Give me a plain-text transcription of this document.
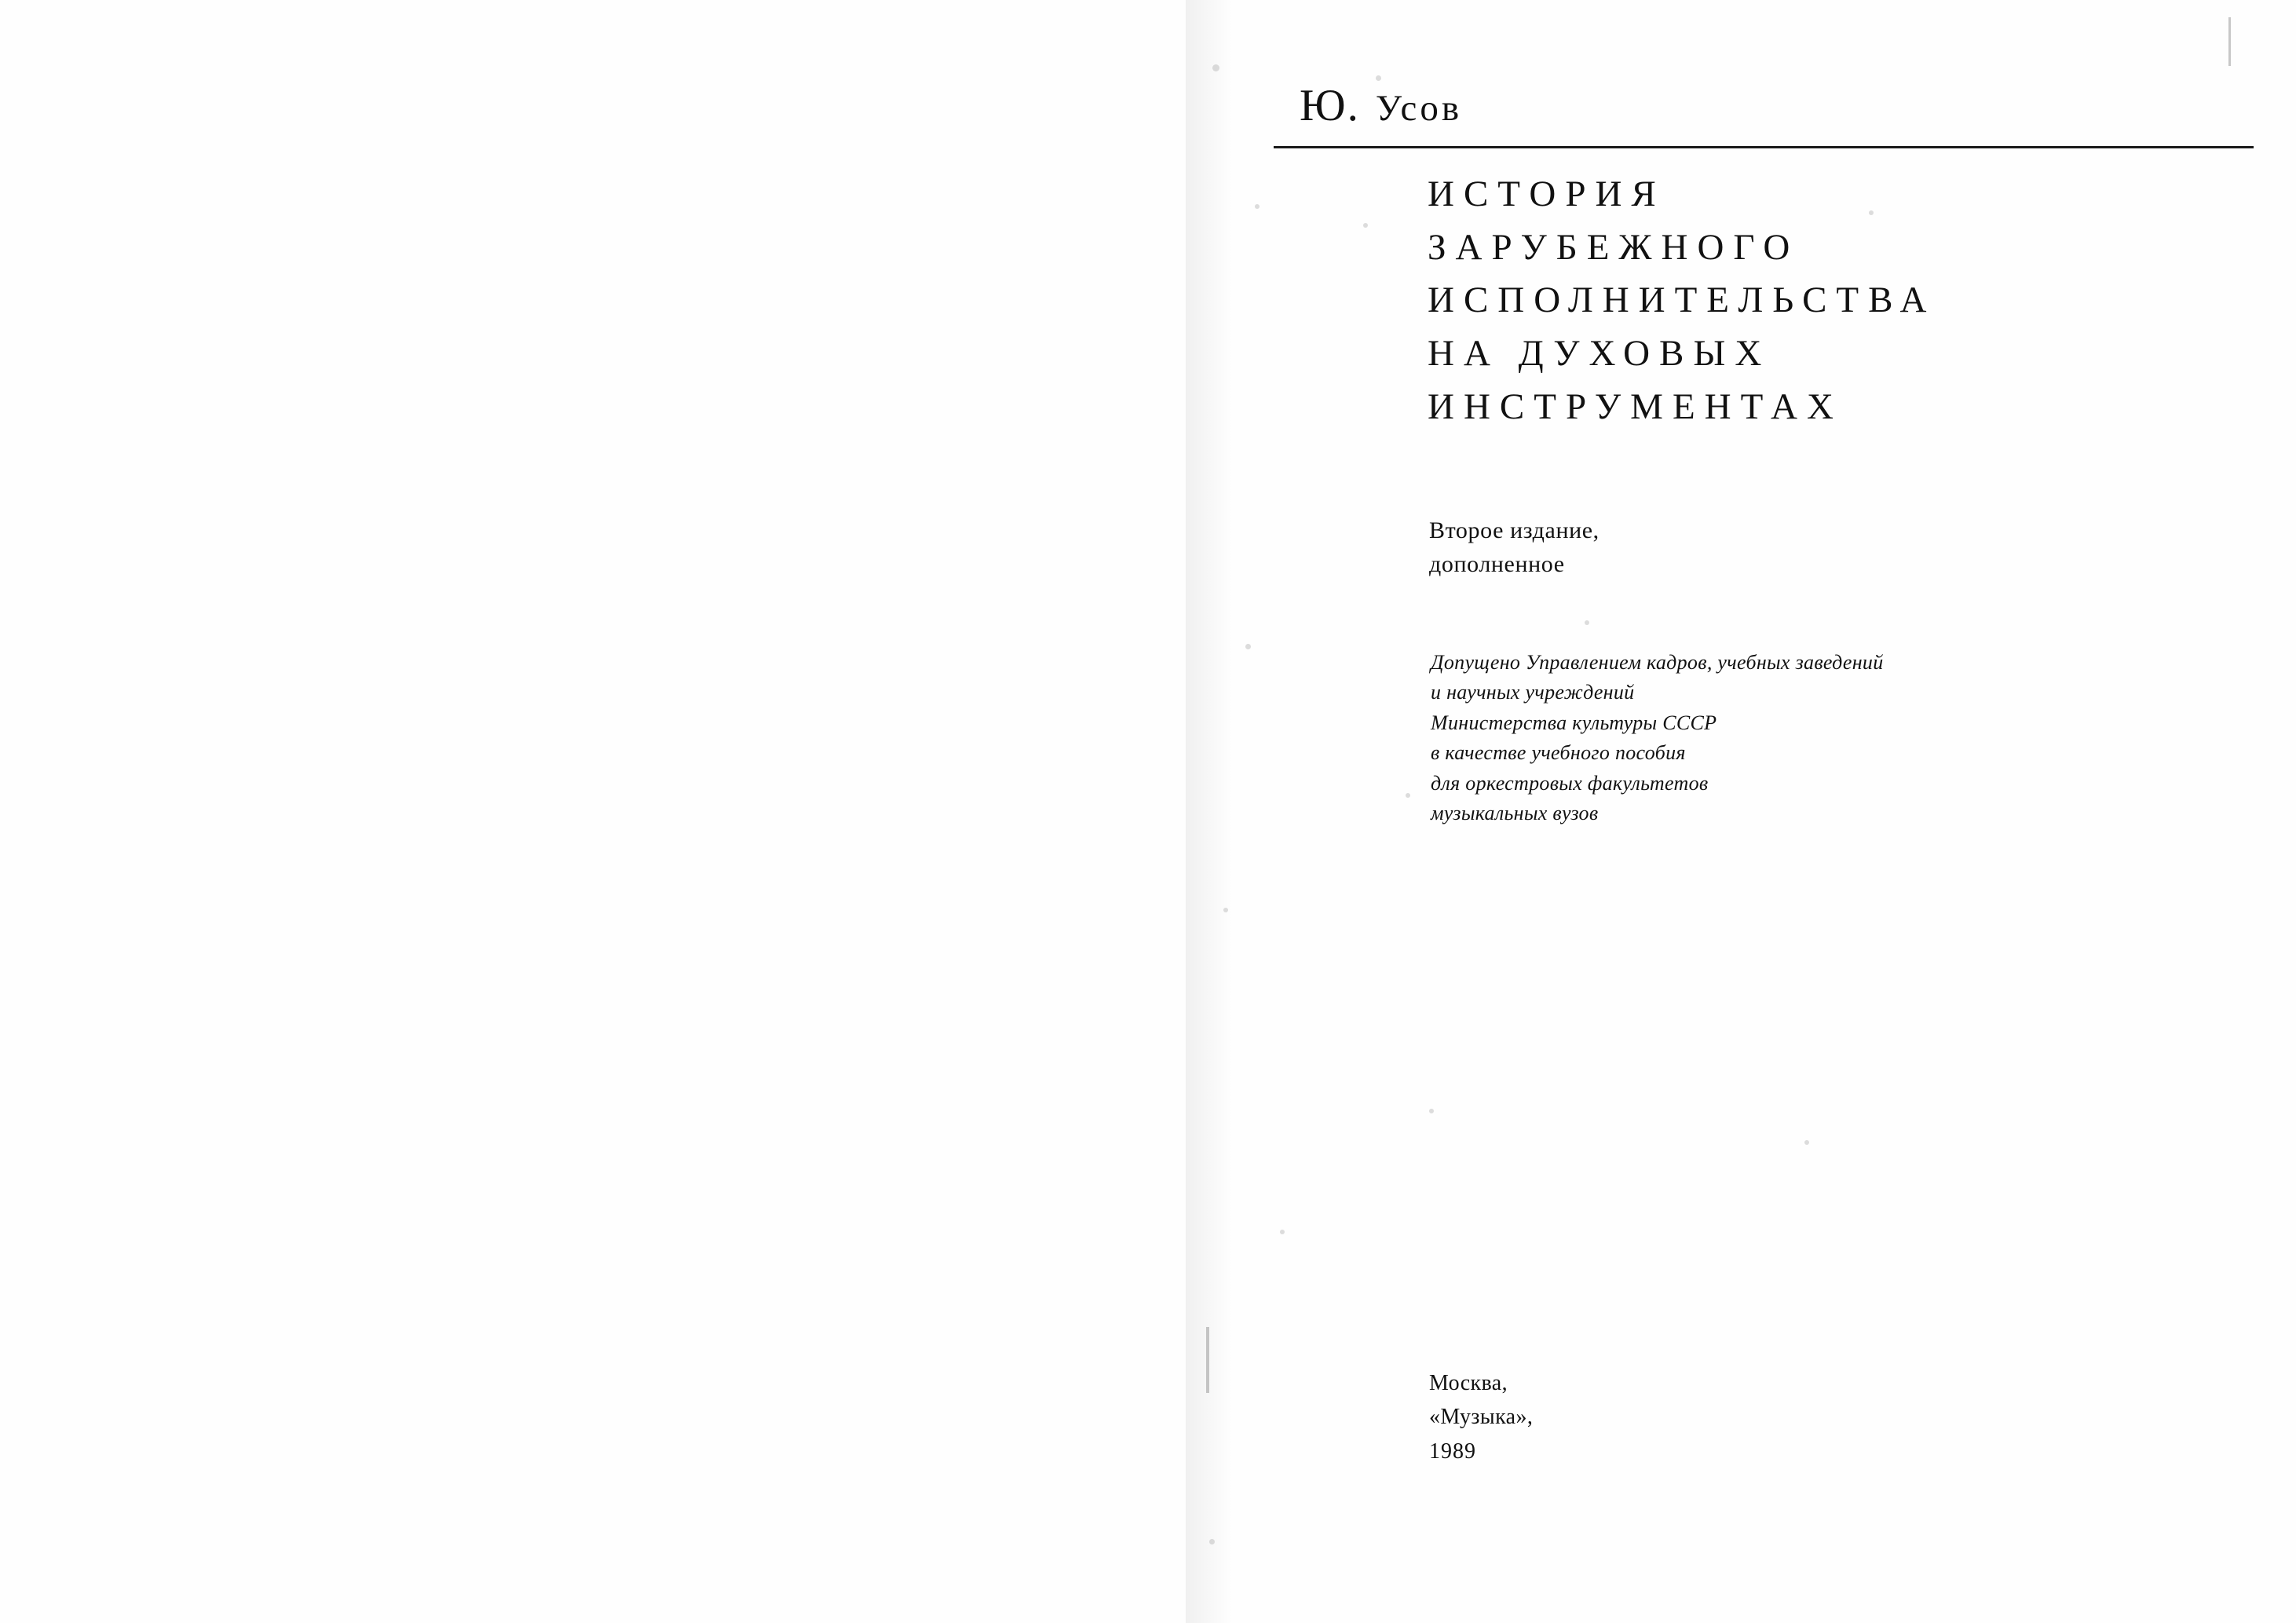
Ю. Усов
ИСТОРИЯ
ЗАРУБЕЖНОГО
ИСПОЛНИТЕЛЬСТВА
НА ДУХОВЫХ
ИНСТРУМЕНТАХ
Второе издание,
дополненное
Допущено Управлением кадров, учебных заведений
и научных учреждений
Министерства культуры СССР
в качестве учебного пособия
для оркестровых факультетов
музыкальных вузов
Москва,
«Музыка»,
1989
